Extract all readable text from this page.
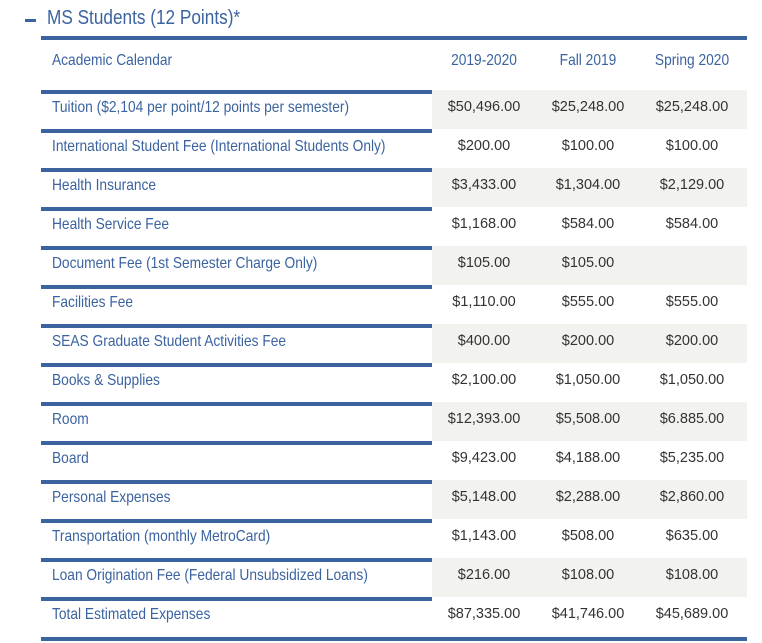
MS Students (12 Points)*
Academic Calendar	2019-2020	Fall 2019	Spring 2020
Tuition ($2,104 per point/12 points per semester)	$50,496.00	$25,248.00	$25,248.00
International Student Fee (International Students Only)	$200.00	$100.00	$100.00
Health Insurance	$3,433.00	$1,304.00	$2,129.00
Health Service Fee	$1,168.00	$584.00	$584.00
Document Fee (1st Semester Charge Only)	$105.00	$105.00
Facilities Fee	$1,110.00	$555.00	$555.00
SEAS Graduate Student Activities Fee	$400.00	$200.00	$200.00
Books & Supplies	$2,100.00	$1,050.00	$1,050.00
Room	$12,393.00	$5,508.00	$6.885.00
Board	$9,423.00	$4,188.00	$5,235.00
Personal Expenses	$5,148.00	$2,288.00	$2,860.00
Transportation (monthly MetroCard)	$1,143.00	$508.00	$635.00
Loan Origination Fee (Federal Unsubsidized Loans)	$216.00	$108.00	$108.00
Total Estimated Expenses	$87,335.00	$41,746.00	$45,689.00
